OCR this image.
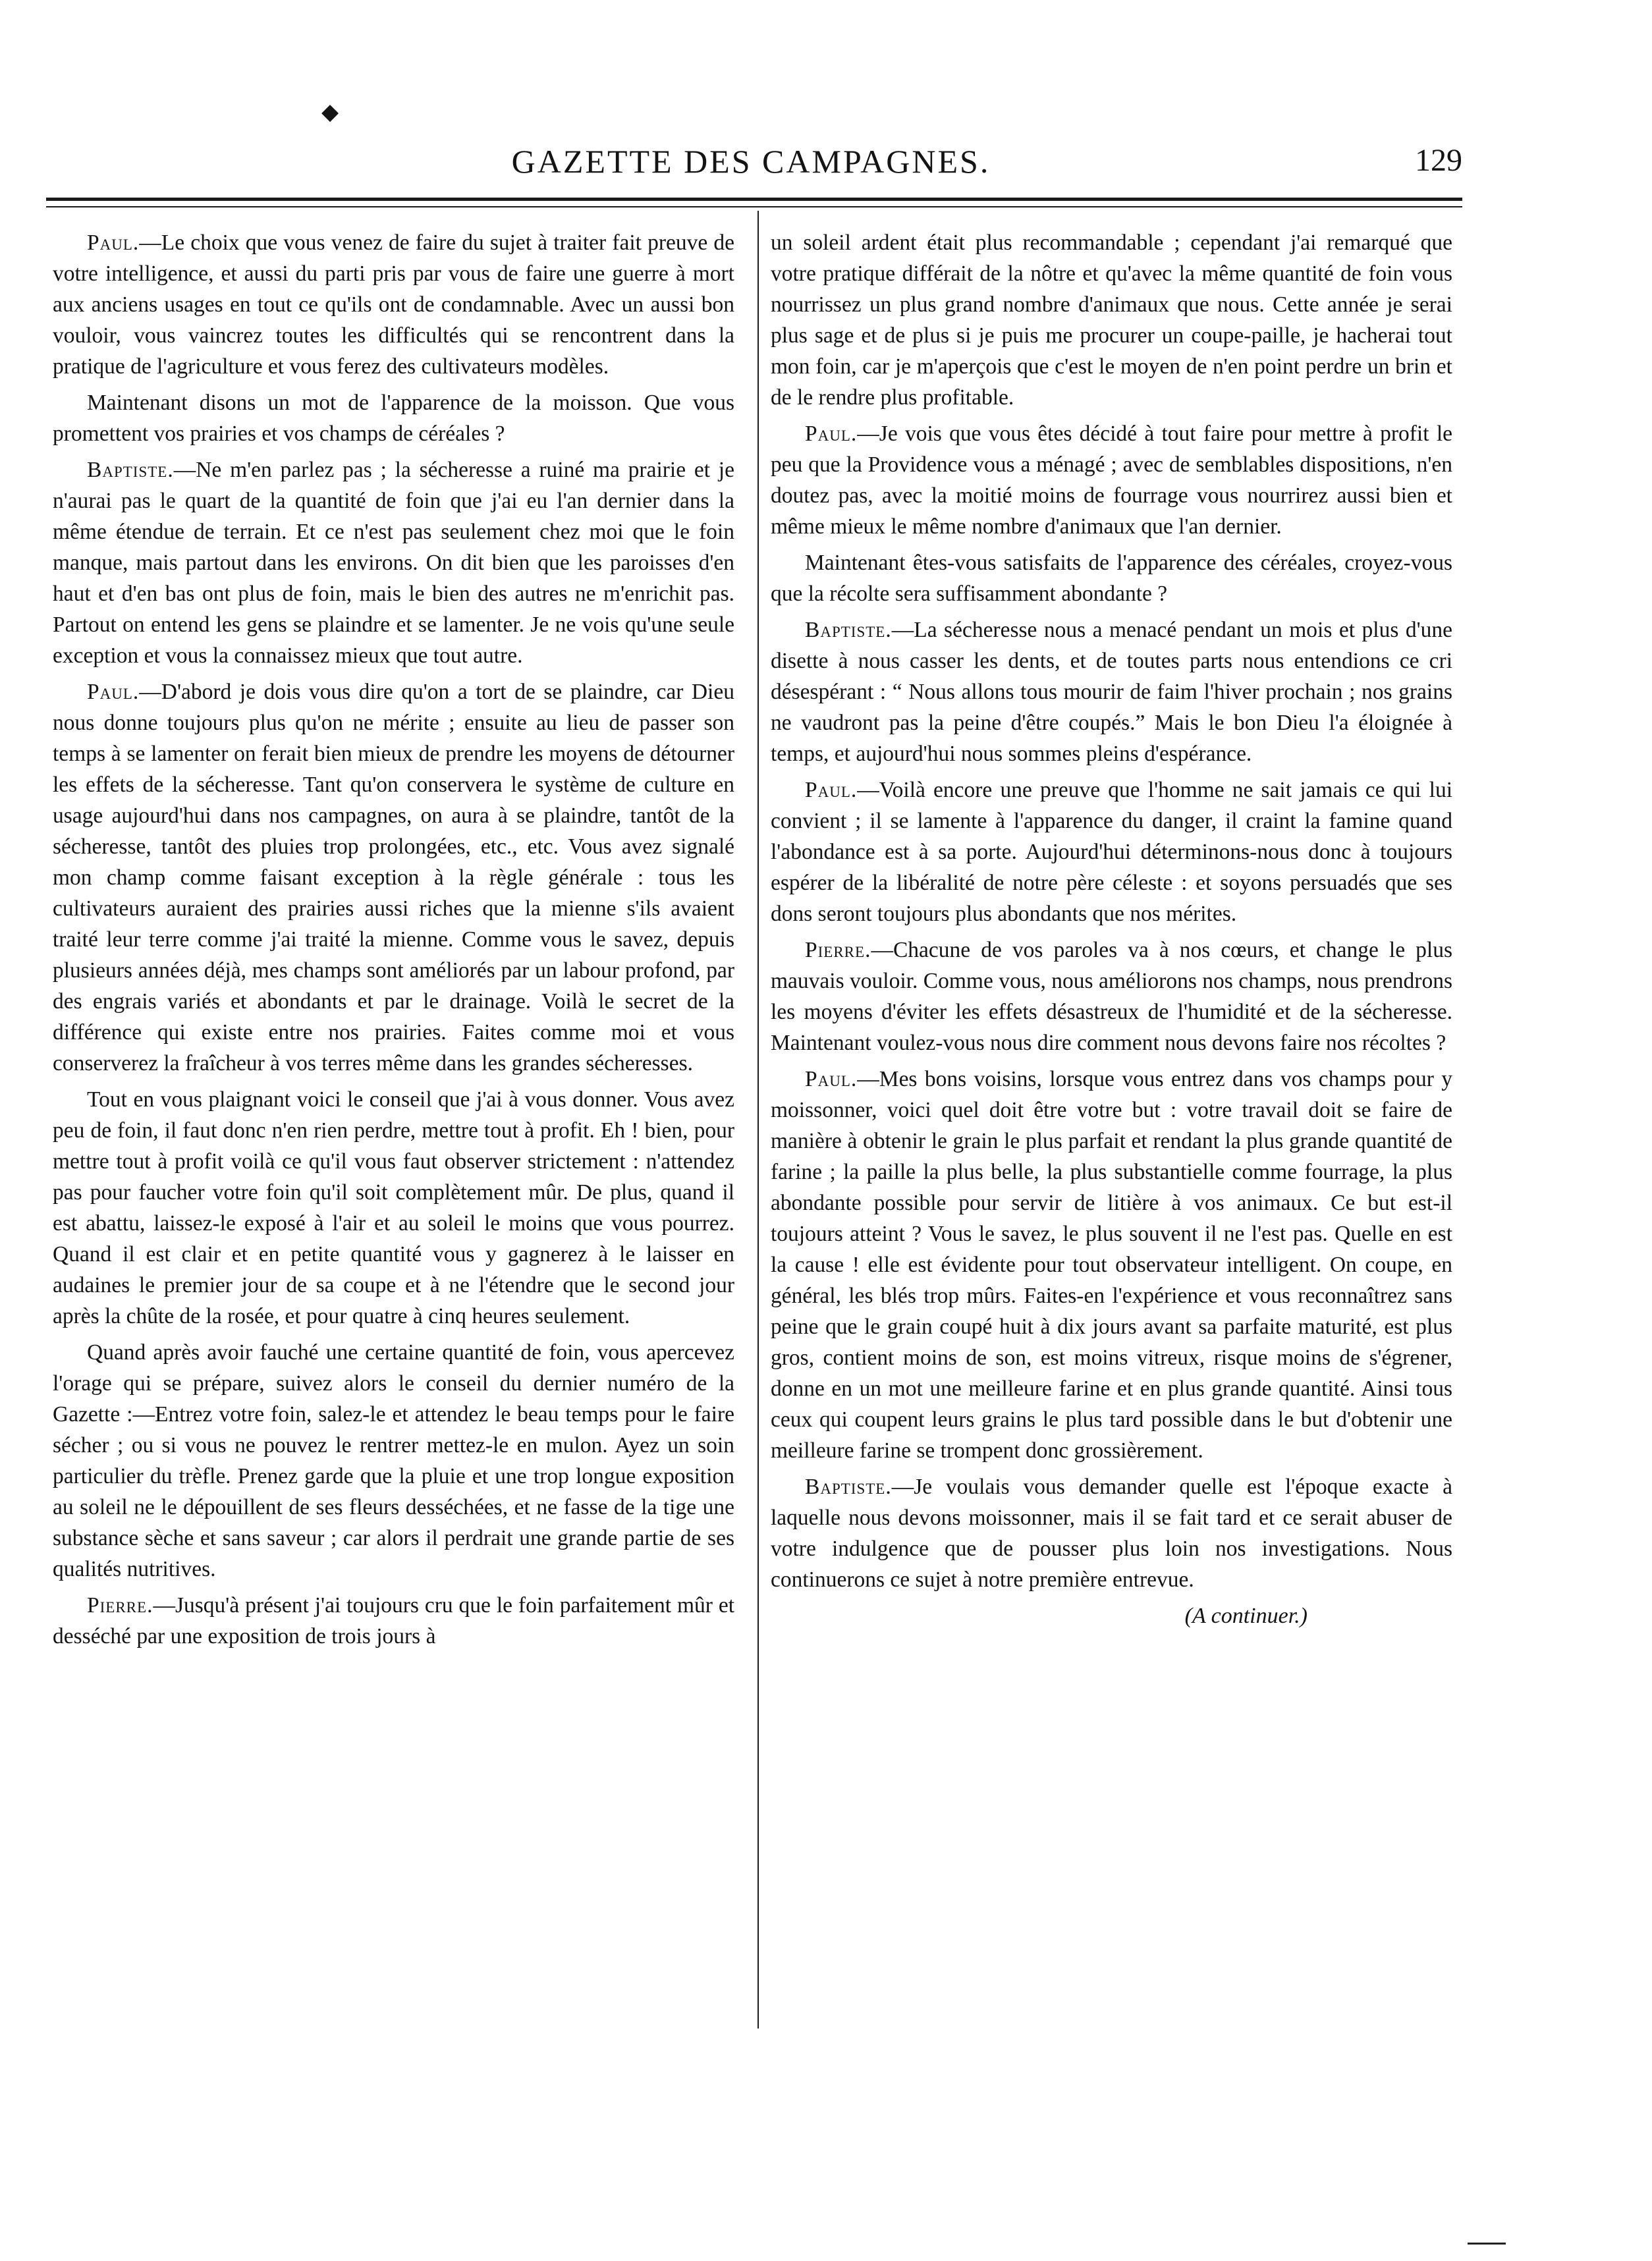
◆
GAZETTE DES CAMPAGNES.	129

Paul.—Le choix que vous venez de faire du sujet à traiter fait preuve de votre intelligence, et aussi du parti pris par vous de faire une guerre à mort aux anciens usages en tout ce qu'ils ont de condamnable. Avec un aussi bon vouloir, vous vaincrez toutes les difficultés qui se rencontrent dans la pratique de l'agriculture et vous ferez des cultivateurs modèles.

Maintenant disons un mot de l'apparence de la moisson. Que vous promettent vos prairies et vos champs de céréales ?

Baptiste.—Ne m'en parlez pas ; la sécheresse a ruiné ma prairie et je n'aurai pas le quart de la quantité de foin que j'ai eu l'an dernier dans la même étendue de terrain. Et ce n'est pas seulement chez moi que le foin manque, mais partout dans les environs. On dit bien que les paroisses d'en haut et d'en bas ont plus de foin, mais le bien des autres ne m'enrichit pas. Partout on entend les gens se plaindre et se lamenter. Je ne vois qu'une seule exception et vous la connaissez mieux que tout autre.

Paul.—D'abord je dois vous dire qu'on a tort de se plaindre, car Dieu nous donne toujours plus qu'on ne mérite ; ensuite au lieu de passer son temps à se lamenter on ferait bien mieux de prendre les moyens de détourner les effets de la sécheresse. Tant qu'on conservera le système de culture en usage aujourd'hui dans nos campagnes, on aura à se plaindre, tantôt de la sécheresse, tantôt des pluies trop prolongées, etc., etc. Vous avez signalé mon champ comme faisant exception à la règle générale : tous les cultivateurs auraient des prairies aussi riches que la mienne s'ils avaient traité leur terre comme j'ai traité la mienne. Comme vous le savez, depuis plusieurs années déjà, mes champs sont améliorés par un labour profond, par des engrais variés et abondants et par le drainage. Voilà le secret de la différence qui existe entre nos prairies. Faites comme moi et vous conserverez la fraîcheur à vos terres même dans les grandes sécheresses.

Tout en vous plaignant voici le conseil que j'ai à vous donner. Vous avez peu de foin, il faut donc n'en rien perdre, mettre tout à profit. Eh ! bien, pour mettre tout à profit voilà ce qu'il vous faut observer strictement : n'attendez pas pour faucher votre foin qu'il soit complètement mûr. De plus, quand il est abattu, laissez-le exposé à l'air et au soleil le moins que vous pourrez. Quand il est clair et en petite quantité vous y gagnerez à le laisser en audaines le premier jour de sa coupe et à ne l'étendre que le second jour après la chûte de la rosée, et pour quatre à cinq heures seulement.

Quand après avoir fauché une certaine quantité de foin, vous apercevez l'orage qui se prépare, suivez alors le conseil du dernier numéro de la Gazette :—Entrez votre foin, salez-le et attendez le beau temps pour le faire sécher ; ou si vous ne pouvez le rentrer mettez-le en mulon. Ayez un soin particulier du trèfle. Prenez garde que la pluie et une trop longue exposition au soleil ne le dépouillent de ses fleurs desséchées, et ne fasse de la tige une substance sèche et sans saveur ; car alors il perdrait une grande partie de ses qualités nutritives.

Pierre.—Jusqu'à présent j'ai toujours cru que le foin parfaitement mûr et desséché par une exposition de trois jours à

un soleil ardent était plus recommandable ; cependant j'ai remarqué que votre pratique différait de la nôtre et qu'avec la même quantité de foin vous nourrissez un plus grand nombre d'animaux que nous. Cette année je serai plus sage et de plus si je puis me procurer un coupe-paille, je hacherai tout mon foin, car je m'aperçois que c'est le moyen de n'en point perdre un brin et de le rendre plus profitable.

Paul.—Je vois que vous êtes décidé à tout faire pour mettre à profit le peu que la Providence vous a ménagé ; avec de semblables dispositions, n'en doutez pas, avec la moitié moins de fourrage vous nourrirez aussi bien et même mieux le même nombre d'animaux que l'an dernier.

Maintenant êtes-vous satisfaits de l'apparence des céréales, croyez-vous que la récolte sera suffisamment abondante ?

Baptiste.—La sécheresse nous a menacé pendant un mois et plus d'une disette à nous casser les dents, et de toutes parts nous entendions ce cri désespérant : “ Nous allons tous mourir de faim l'hiver prochain ; nos grains ne vaudront pas la peine d'être coupés.” Mais le bon Dieu l'a éloignée à temps, et aujourd'hui nous sommes pleins d'espérance.

Paul.—Voilà encore une preuve que l'homme ne sait jamais ce qui lui convient ; il se lamente à l'apparence du danger, il craint la famine quand l'abondance est à sa porte. Aujourd'hui déterminons-nous donc à toujours espérer de la libéralité de notre père céleste : et soyons persuadés que ses dons seront toujours plus abondants que nos mérites.

Pierre.—Chacune de vos paroles va à nos cœurs, et change le plus mauvais vouloir. Comme vous, nous améliorons nos champs, nous prendrons les moyens d'éviter les effets désastreux de l'humidité et de la sécheresse. Maintenant voulez-vous nous dire comment nous devons faire nos récoltes ?

Paul.—Mes bons voisins, lorsque vous entrez dans vos champs pour y moissonner, voici quel doit être votre but : votre travail doit se faire de manière à obtenir le grain le plus parfait et rendant la plus grande quantité de farine ; la paille la plus belle, la plus substantielle comme fourrage, la plus abondante possible pour servir de litière à vos animaux. Ce but est-il toujours atteint ? Vous le savez, le plus souvent il ne l'est pas. Quelle en est la cause ! elle est évidente pour tout observateur intelligent. On coupe, en général, les blés trop mûrs. Faites-en l'expérience et vous reconnaîtrez sans peine que le grain coupé huit à dix jours avant sa parfaite maturité, est plus gros, contient moins de son, est moins vitreux, risque moins de s'égrener, donne en un mot une meilleure farine et en plus grande quantité. Ainsi tous ceux qui coupent leurs grains le plus tard possible dans le but d'obtenir une meilleure farine se trompent donc grossièrement.

Baptiste.—Je voulais vous demander quelle est l'époque exacte à laquelle nous devons moissonner, mais il se fait tard et ce serait abuser de votre indulgence que de pousser plus loin nos investigations. Nous continuerons ce sujet à notre première entrevue.

(A continuer.)
